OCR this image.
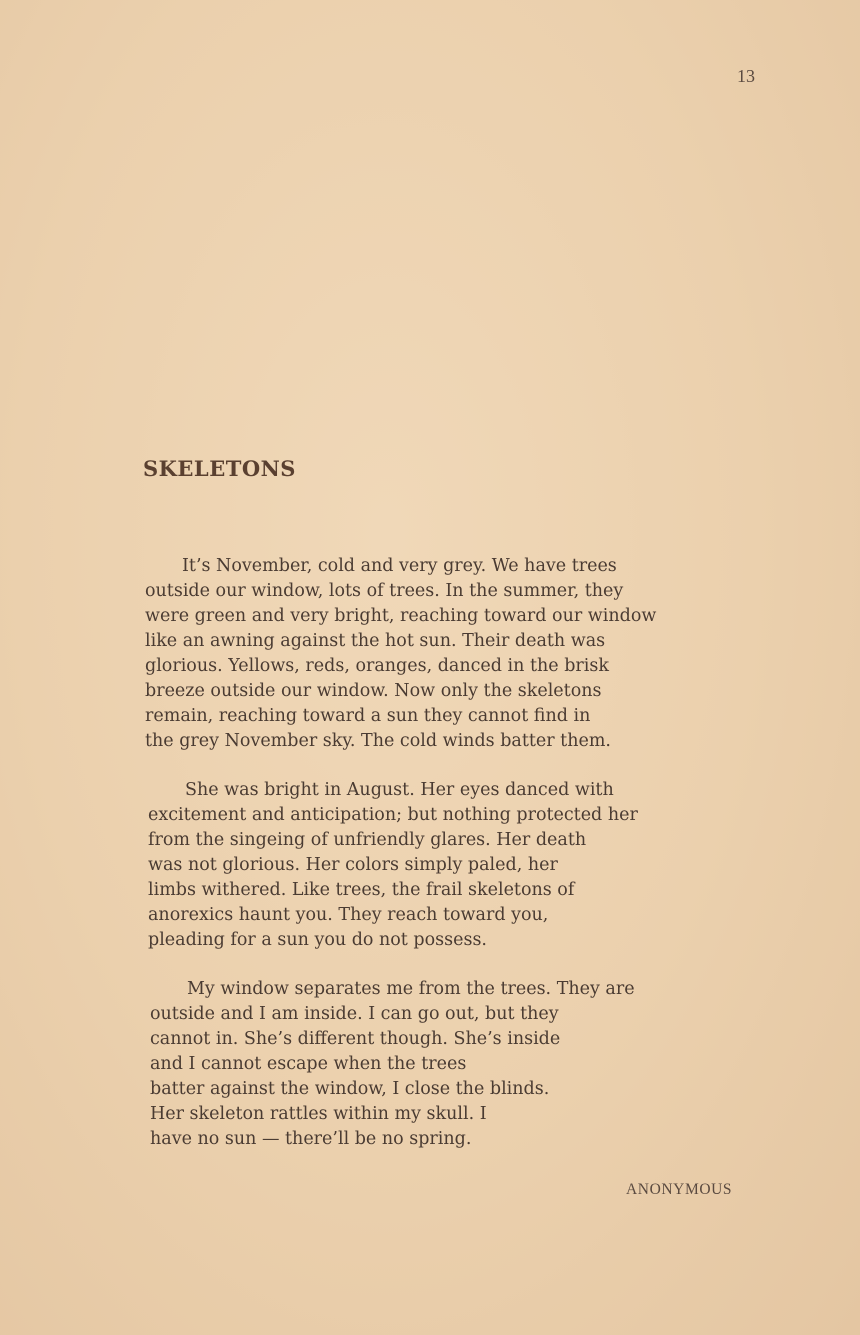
13
SKELETONS
It’s November, cold and very grey. We have trees
outside our window, lots of trees. In the summer, they
were green and very bright, reaching toward our window
like an awning against the hot sun. Their death was
glorious. Yellows, reds, oranges, danced in the brisk
breeze outside our window. Now only the skeletons
remain, reaching toward a sun they cannot find in
the grey November sky. The cold winds batter them.
She was bright in August. Her eyes danced with
excitement and anticipation; but nothing protected her
from the singeing of unfriendly glares. Her death
was not glorious. Her colors simply paled, her
limbs withered. Like trees, the frail skeletons of
anorexics haunt you. They reach toward you,
pleading for a sun you do not possess.
My window separates me from the trees. They are
outside and I am inside. I can go out, but they
cannot in. She’s different though. She’s inside
and I cannot escape when the trees
batter against the window, I close the blinds.
Her skeleton rattles within my skull. I
have no sun — there’ll be no spring.
ANONYMOUS
